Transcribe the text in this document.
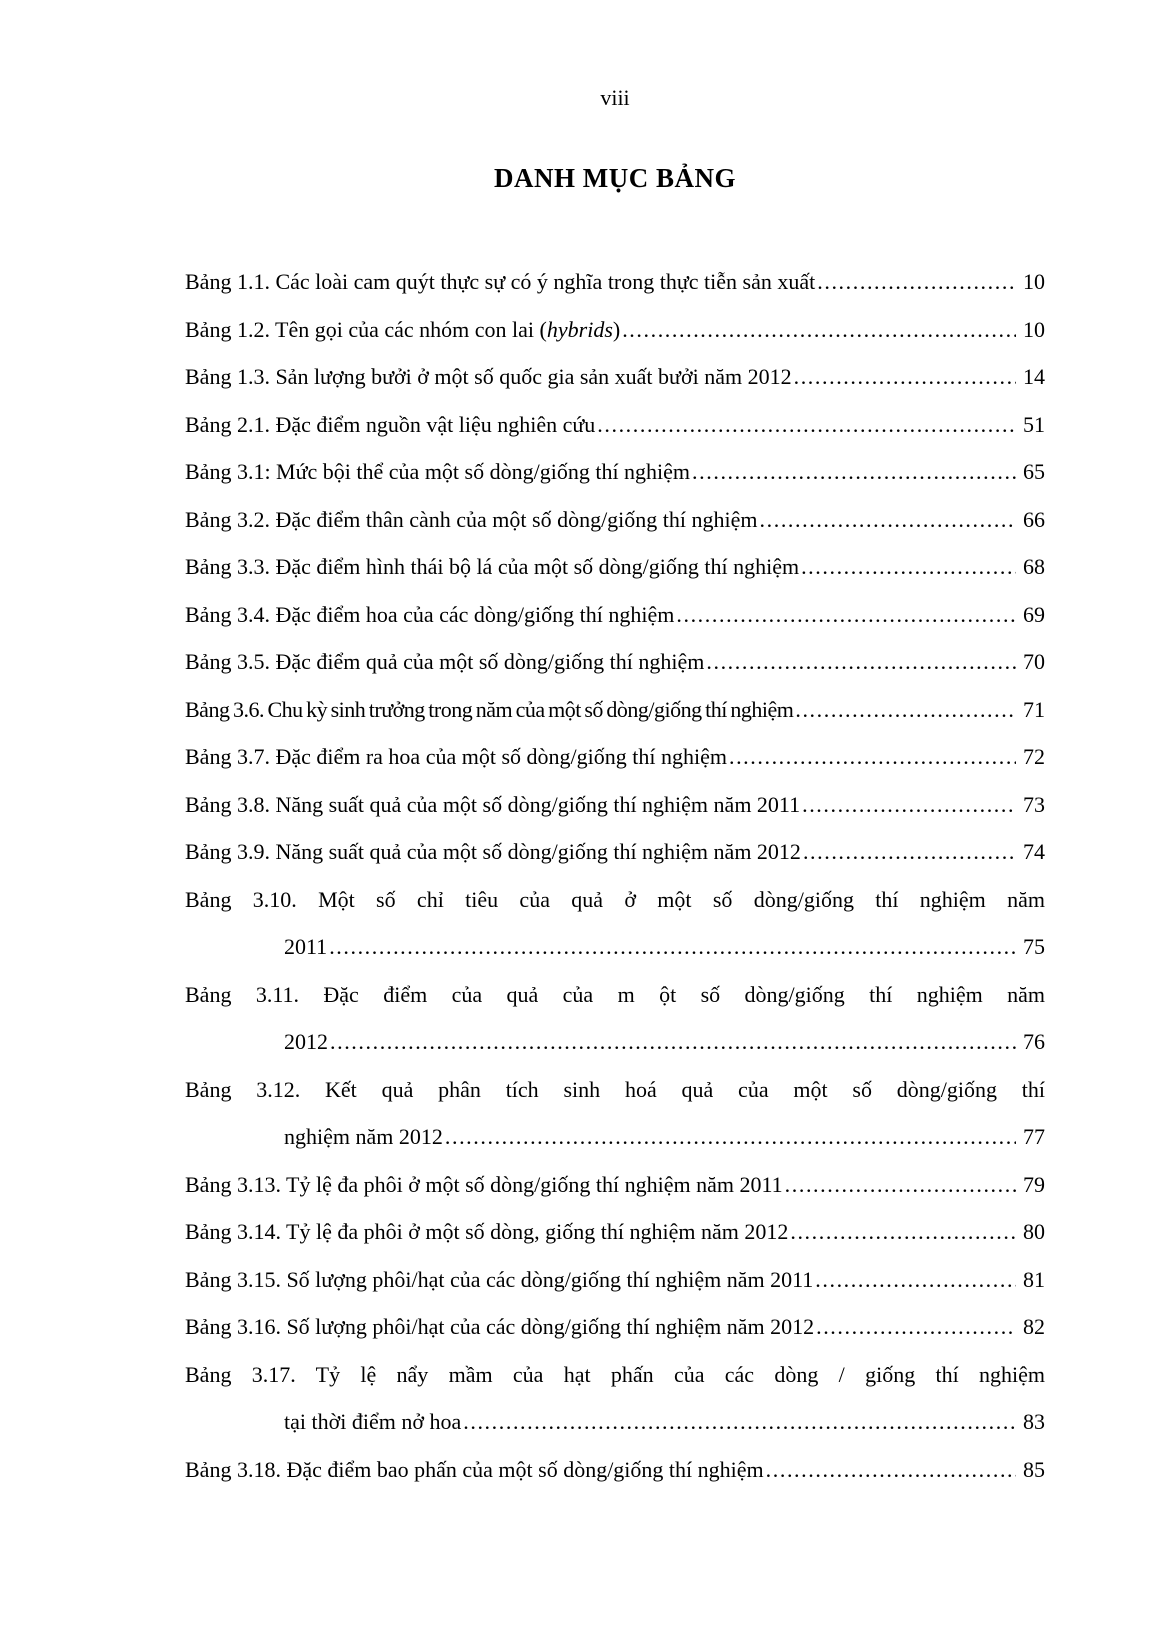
viii
DANH MỤC BẢNG
Bảng 1.1. Các loài cam quýt thực sự có ý nghĩa trong thực tiễn sản xuất .....	10
Bảng 1.2. Tên gọi của các nhóm con lai (hybrids) .....	10
Bảng 1.3. Sản lượng bưởi ở một số quốc gia sản xuất bưởi năm 2012 .....	14
Bảng 2.1. Đặc điểm nguồn vật liệu nghiên cứu .....	51
Bảng 3.1: Mức bội thể của một số dòng/giống thí nghiệm .....	65
Bảng 3.2. Đặc điểm thân cành của một số dòng/giống thí nghiệm .....	66
Bảng 3.3. Đặc điểm hình thái bộ lá của một số dòng/giống thí nghiệm .....	68
Bảng 3.4. Đặc điểm hoa của các dòng/giống thí nghiệm .....	69
Bảng 3.5. Đặc điểm quả của một số dòng/giống thí nghiệm .....	70
Bảng 3.6. Chu kỳ sinh trưởng trong năm của một số dòng/giống thí nghiệm .....	71
Bảng 3.7. Đặc điểm ra hoa của một số dòng/giống thí nghiệm .....	72
Bảng 3.8. Năng suất quả của một số dòng/giống thí nghiệm năm 2011 .....	73
Bảng 3.9. Năng suất quả của một số dòng/giống thí nghiệm năm 2012 .....	74
Bảng 3.10. Một số chỉ tiêu của quả ở một số dòng/giống thí nghiệm năm
2011 .....	75
Bảng 3.11. Đặc điểm của quả của m ột số dòng/giống thí nghiệm năm
2012 .....	76
Bảng 3.12. Kết quả phân tích sinh hoá quả của một số dòng/giống thí
nghiệm năm 2012 .....	77
Bảng 3.13. Tỷ lệ đa phôi ở một số dòng/giống thí nghiệm năm 2011 .....	79
Bảng 3.14. Tỷ lệ đa phôi ở một số dòng, giống thí nghiệm năm 2012 .....	80
Bảng 3.15. Số lượng phôi/hạt của các dòng/giống thí nghiệm năm 2011 .....	81
Bảng 3.16. Số lượng phôi/hạt của các dòng/giống thí nghiệm năm 2012 .....	82
Bảng 3.17. Tỷ lệ nẩy mầm của hạt phấn của các dòng / giống thí nghiệm
tại thời điểm nở hoa .....	83
Bảng 3.18. Đặc điểm bao phấn của một số dòng/giống thí nghiệm .....	85
